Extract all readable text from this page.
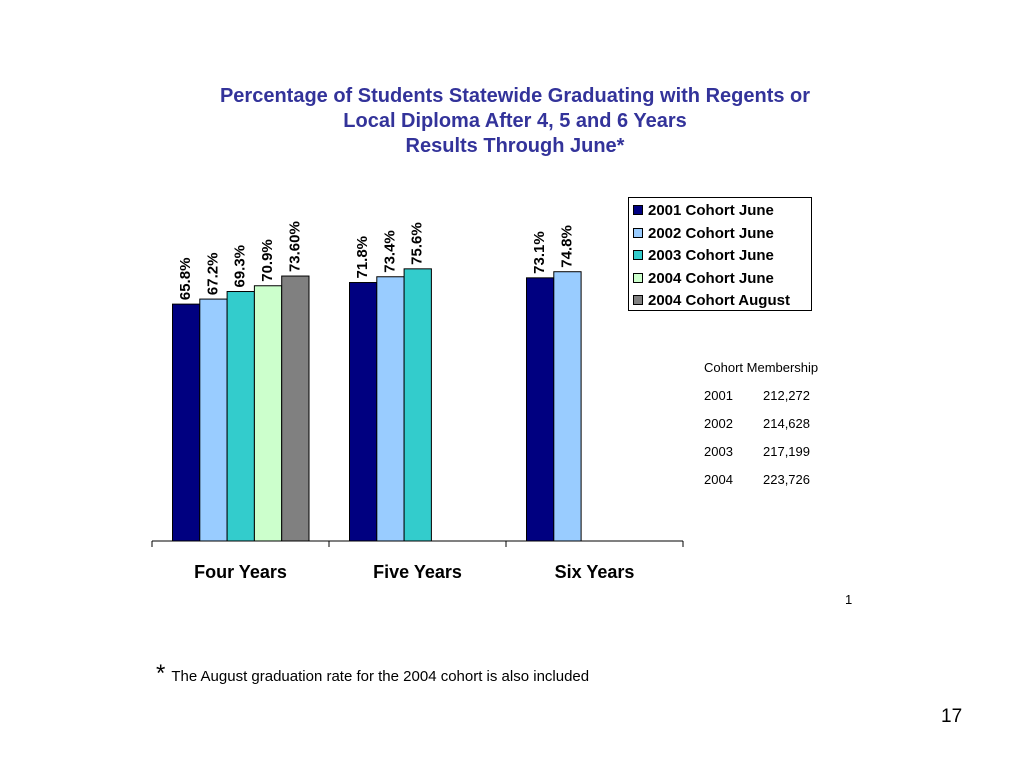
Percentage of Students Statewide Graduating with Regents or
Local Diploma After 4, 5 and 6 Years
Results Through June*
Four Years
65.8% 67.2% 69.3% 70.9% 73.60%
Five Years
71.8% 73.4% 75.6%
Six Years
73.1% 74.8%
2001 Cohort June
2002 Cohort June
2003 Cohort June
2004 Cohort June
2004 Cohort August
Cohort Membership
2001 212,272
2002 214,628
2003 217,199
2004 223,726
1
* The August graduation rate for the 2004 cohort is also included
17
